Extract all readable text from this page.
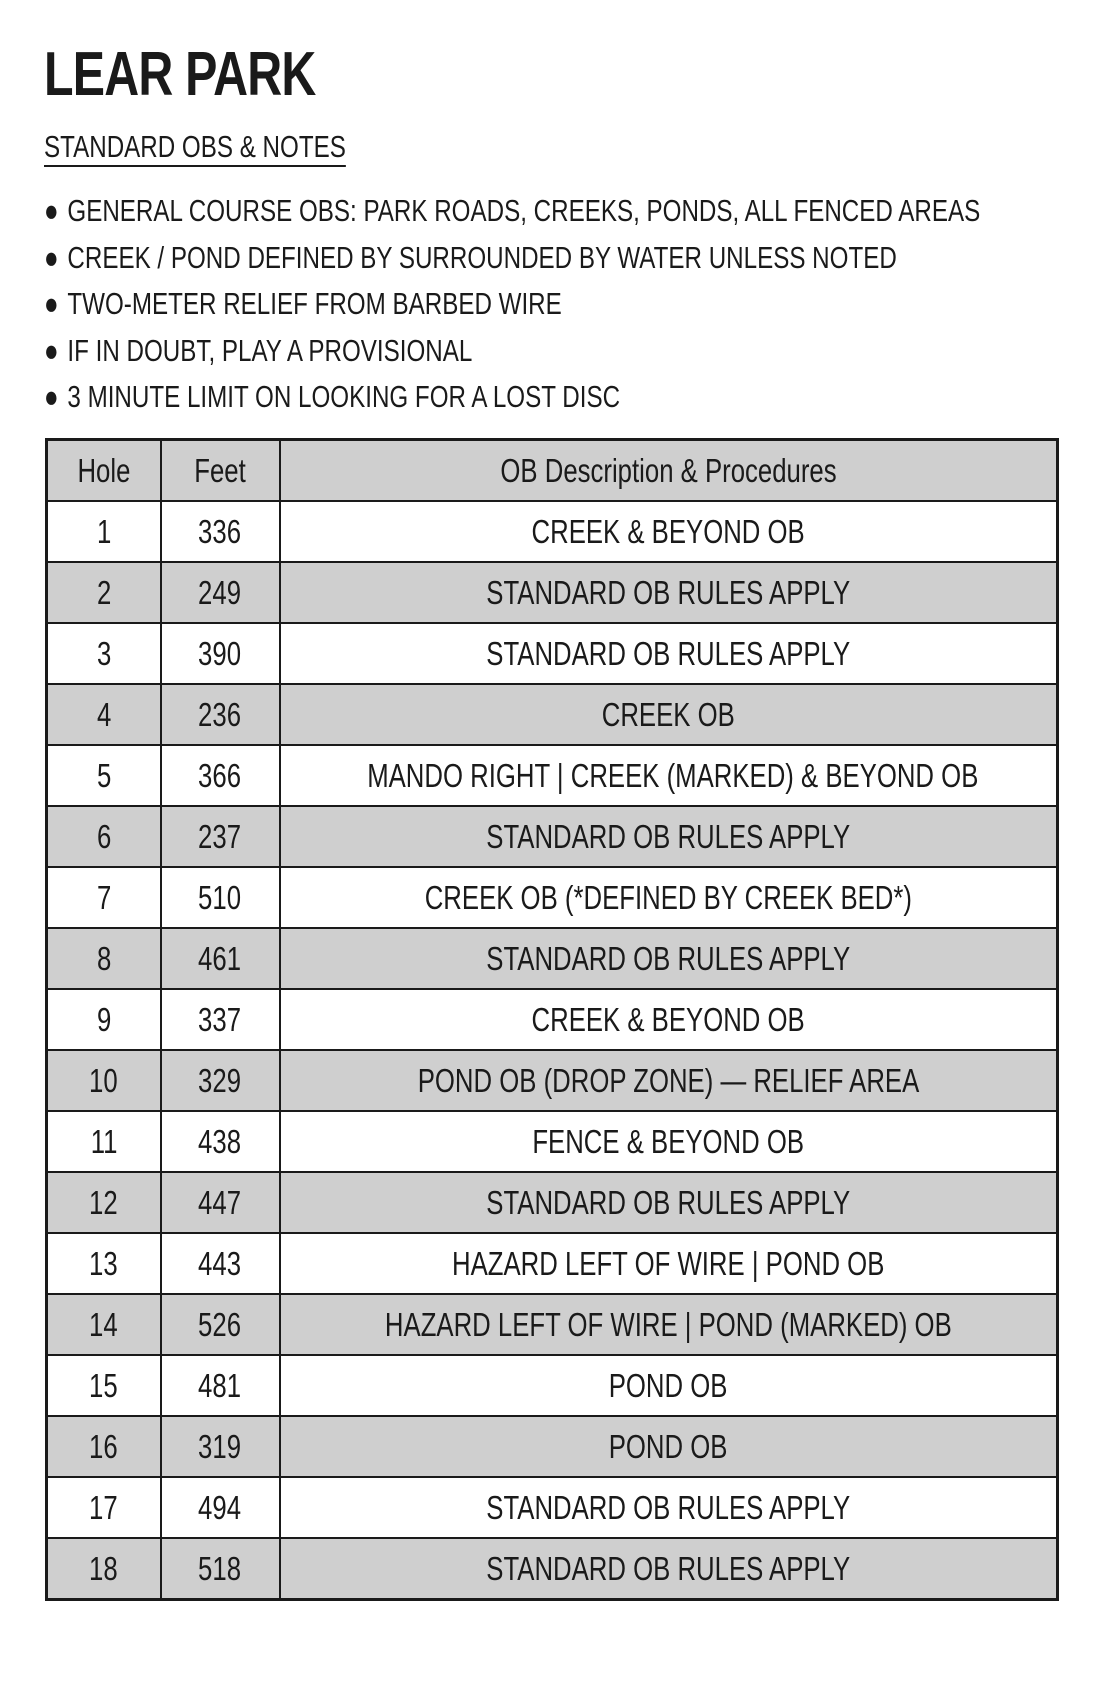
LEAR PARK
STANDARD OBS & NOTES
● GENERAL COURSE OBS: PARK ROADS, CREEKS, PONDS, ALL FENCED AREAS
● CREEK / POND DEFINED BY SURROUNDED BY WATER UNLESS NOTED
● TWO-METER RELIEF FROM BARBED WIRE
● IF IN DOUBT, PLAY A PROVISIONAL
● 3 MINUTE LIMIT ON LOOKING FOR A LOST DISC
Hole	Feet	OB Description & Procedures
1	336	CREEK & BEYOND OB
2	249	STANDARD OB RULES APPLY
3	390	STANDARD OB RULES APPLY
4	236	CREEK OB
5	366	MANDO RIGHT | CREEK (MARKED) & BEYOND OB
6	237	STANDARD OB RULES APPLY
7	510	CREEK OB (*DEFINED BY CREEK BED*)
8	461	STANDARD OB RULES APPLY
9	337	CREEK & BEYOND OB
10	329	POND OB (DROP ZONE) — RELIEF AREA
11	438	FENCE & BEYOND OB
12	447	STANDARD OB RULES APPLY
13	443	HAZARD LEFT OF WIRE | POND OB
14	526	HAZARD LEFT OF WIRE | POND (MARKED) OB
15	481	POND OB
16	319	POND OB
17	494	STANDARD OB RULES APPLY
18	518	STANDARD OB RULES APPLY
